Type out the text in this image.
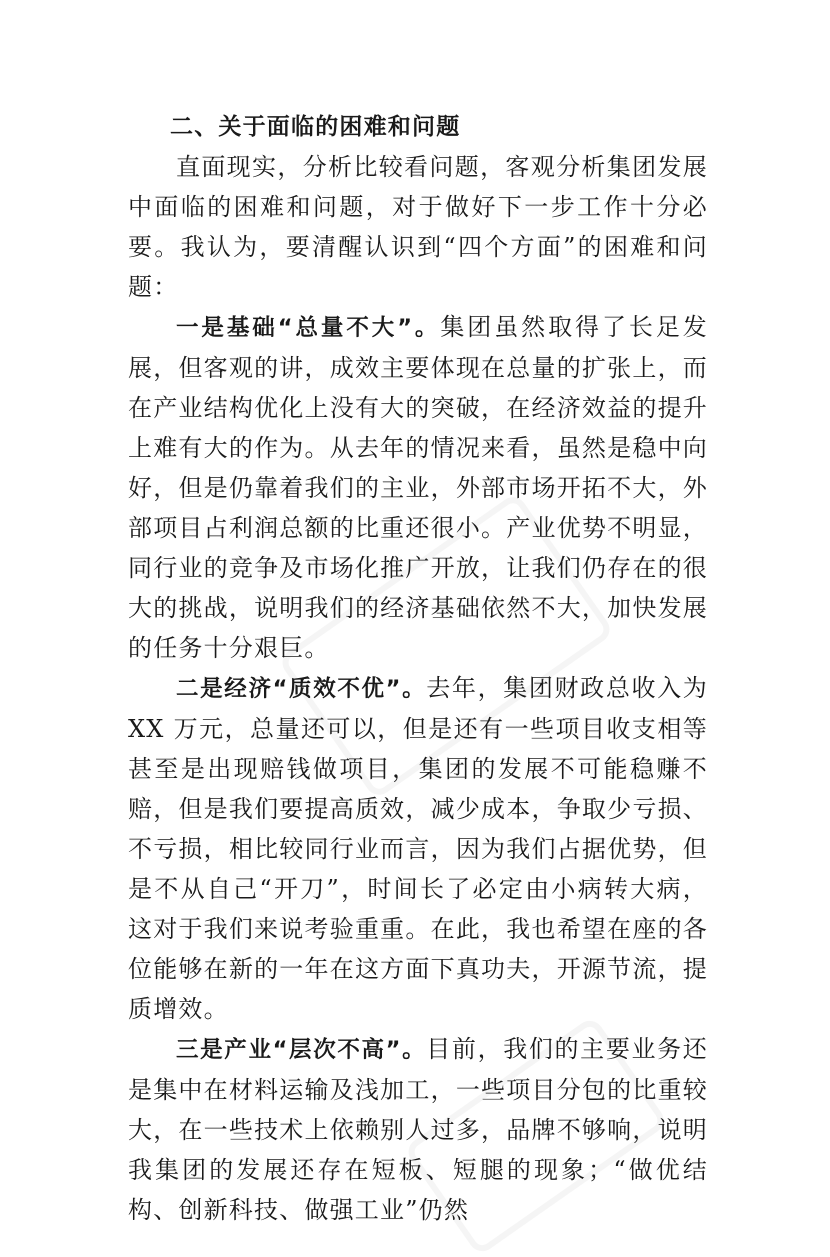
二、关于面临的困难和问题

直面现实，分析比较看问题，客观分析集团发展中面临的困难和问题，对于做好下一步工作十分必要。我认为，要清醒认识到“四个方面”的困难和问题：

一是基础“总量不大”。集团虽然取得了长足发展，但客观的讲，成效主要体现在总量的扩张上，而在产业结构优化上没有大的突破，在经济效益的提升上难有大的作为。从去年的情况来看，虽然是稳中向好，但是仍靠着我们的主业，外部市场开拓不大，外部项目占利润总额的比重还很小。产业优势不明显，同行业的竞争及市场化推广开放，让我们仍存在的很大的挑战，说明我们的经济基础依然不大，加快发展的任务十分艰巨。

二是经济“质效不优”。去年，集团财政总收入为 XX 万元，总量还可以，但是还有一些项目收支相等甚至是出现赔钱做项目，集团的发展不可能稳赚不赔，但是我们要提高质效，减少成本，争取少亏损、不亏损，相比较同行业而言，因为我们占据优势，但是不从自己“开刀”，时间长了必定由小病转大病，这对于我们来说考验重重。在此，我也希望在座的各位能够在新的一年在这方面下真功夫，开源节流，提质增效。

三是产业“层次不高”。目前，我们的主要业务还是集中在材料运输及浅加工，一些项目分包的比重较大，在一些技术上依赖别人过多，品牌不够响，说明我集团的发展还存在短板、短腿的现象；“做优结构、创新科技、做强工业”仍然
